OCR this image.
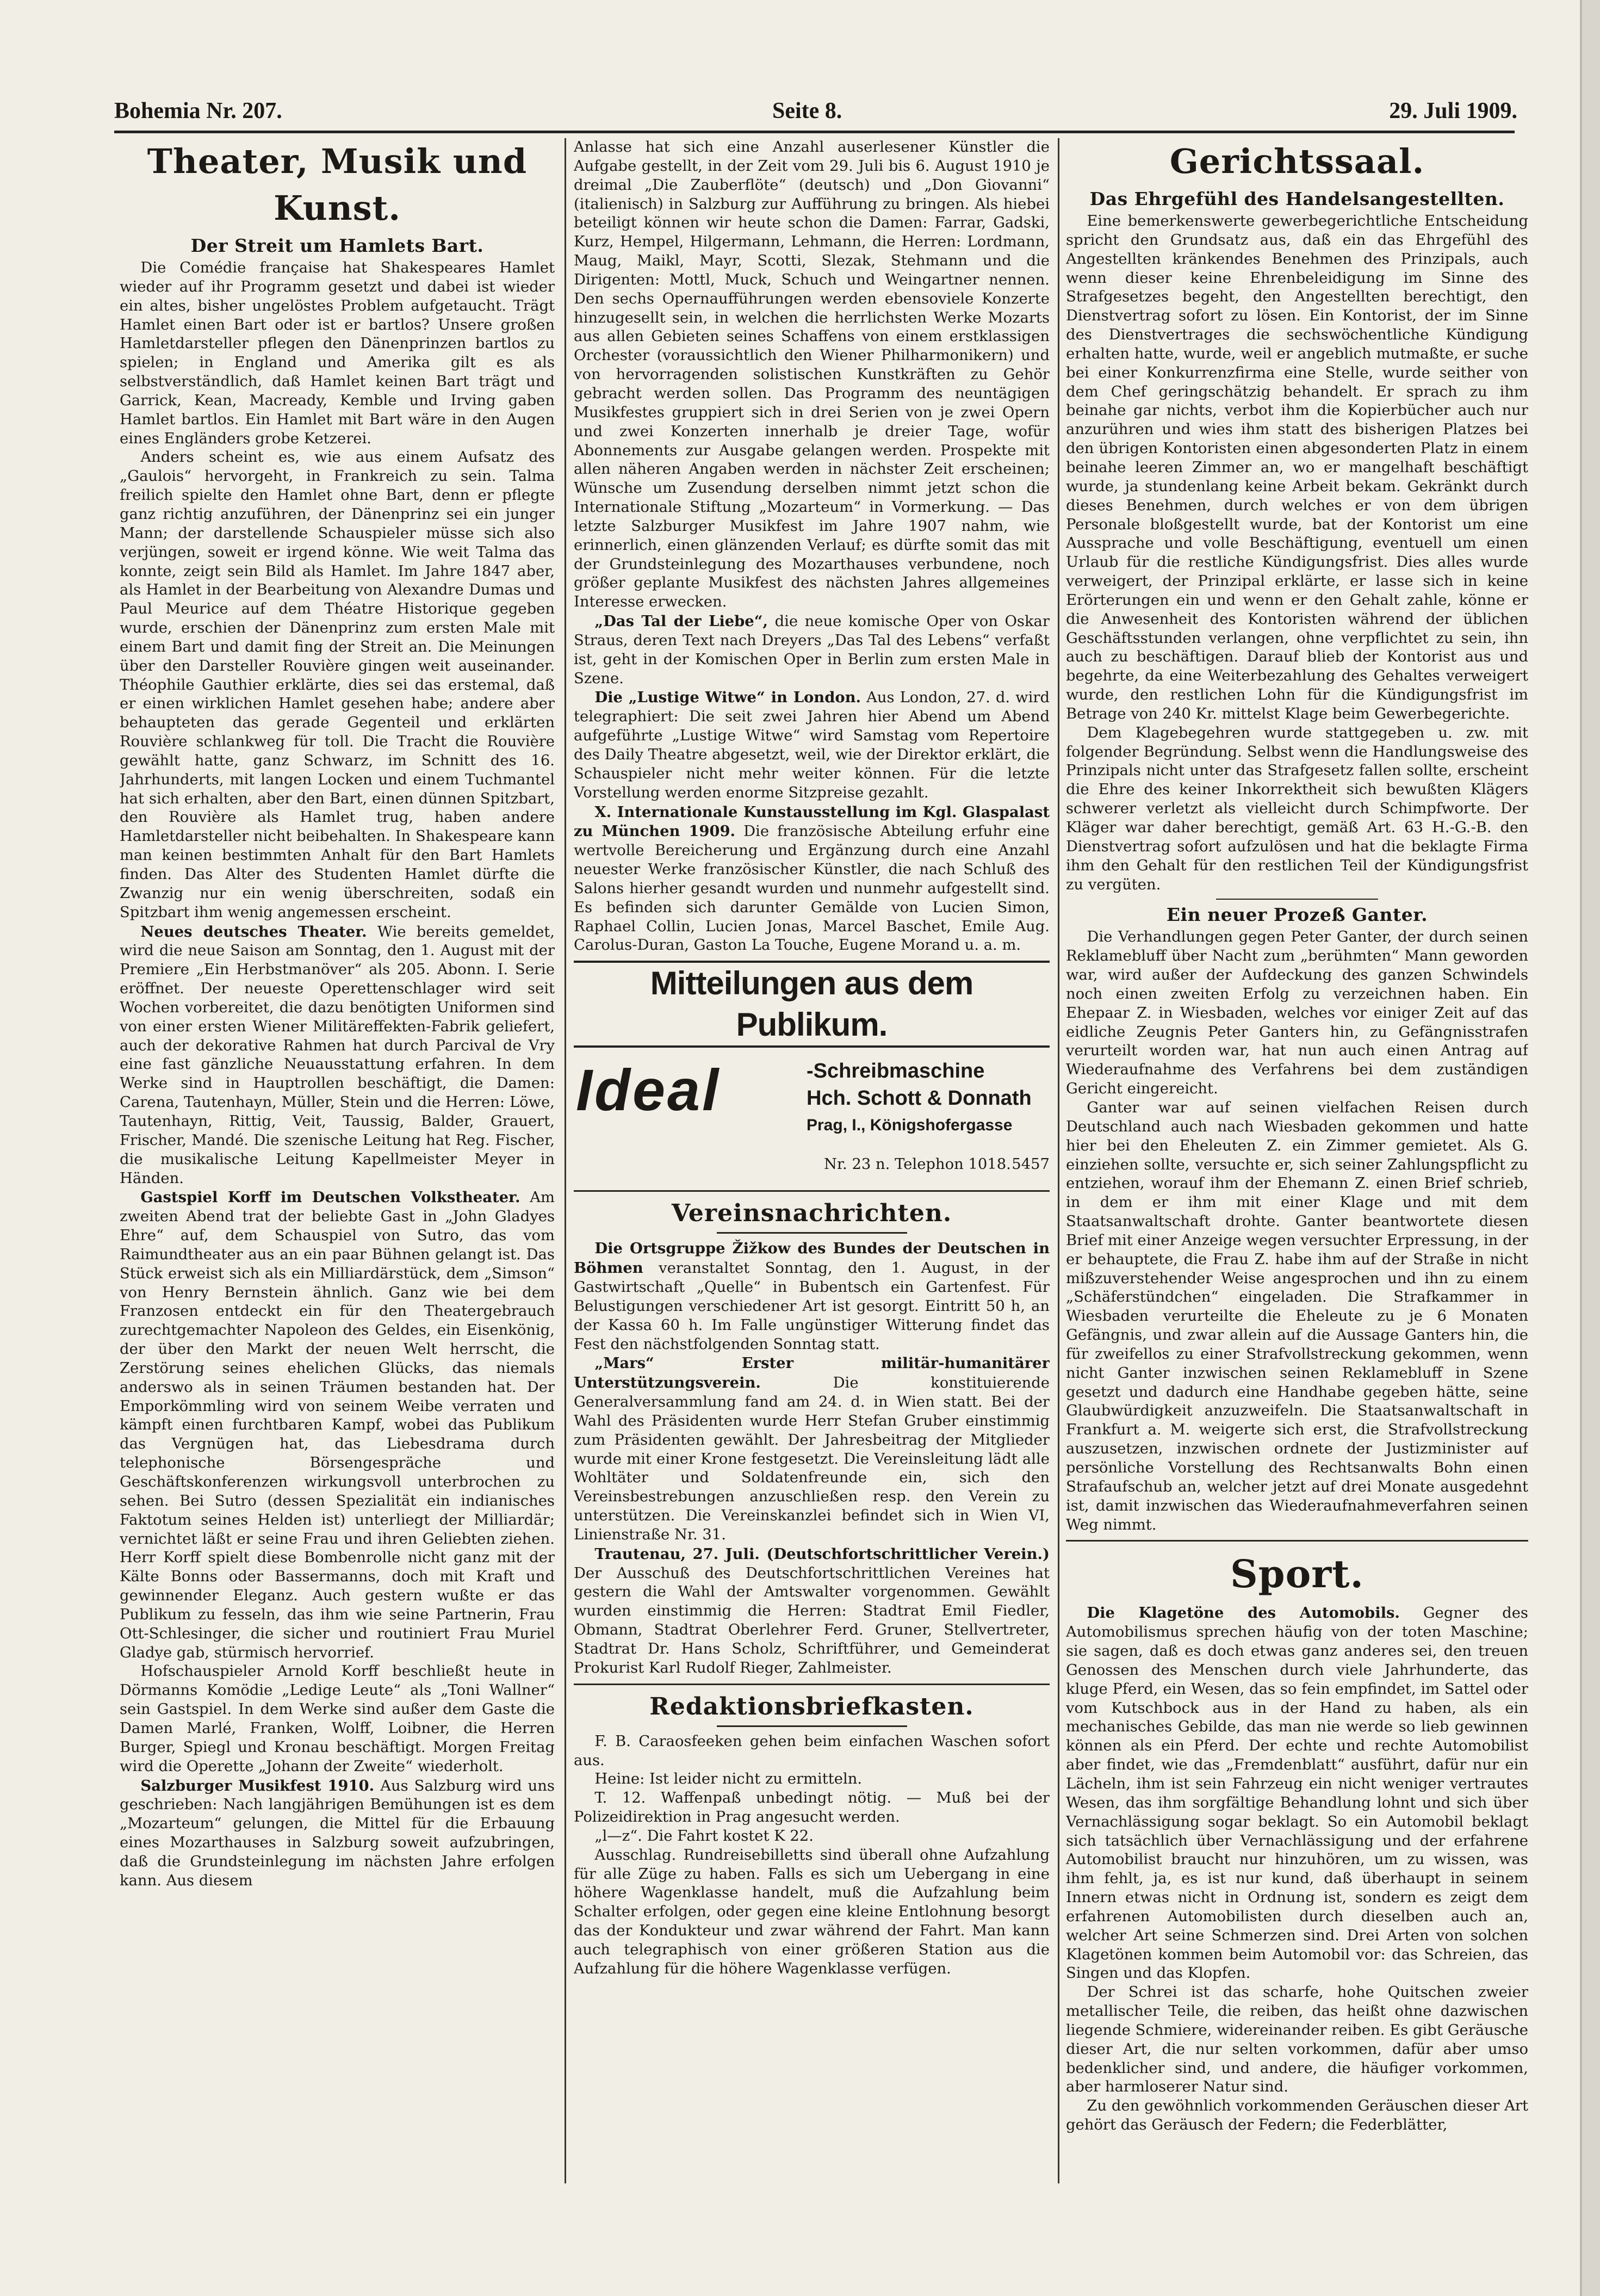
Bohemia Nr. 207.	Seite 8.	29. Juli 1909.
Theater, Musik und Kunst.
Der Streit um Hamlets Bart.

Die Comédie française hat Shakespeares Hamlet wieder auf ihr Programm gesetzt und dabei ist wieder ein altes, bisher ungelöstes Problem aufgetaucht. Trägt Hamlet einen Bart oder ist er bartlos? Unsere großen Hamletdarsteller pflegen den Dänenprinzen bartlos zu spielen; in England und Amerika gilt es als selbstverständlich, daß Hamlet keinen Bart trägt und Garrick, Kean, Macready, Kemble und Irving gaben Hamlet bartlos. Ein Hamlet mit Bart wäre in den Augen eines Engländers grobe Ketzerei.

Anders scheint es, wie aus einem Aufsatz des „Gaulois“ hervorgeht, in Frankreich zu sein. Talma freilich spielte den Hamlet ohne Bart, denn er pflegte ganz richtig anzuführen, der Dänenprinz sei ein junger Mann; der darstellende Schauspieler müsse sich also verjüngen, soweit er irgend könne. Wie weit Talma das konnte, zeigt sein Bild als Hamlet. Im Jahre 1847 aber, als Hamlet in der Bearbeitung von Alexandre Dumas und Paul Meurice auf dem Théatre Historique gegeben wurde, erschien der Dänenprinz zum ersten Male mit einem Bart und damit fing der Streit an. Die Meinungen über den Darsteller Rouvière gingen weit auseinander. Théophile Gauthier erklärte, dies sei das erstemal, daß er einen wirklichen Hamlet gesehen habe; andere aber behaupteten das gerade Gegenteil und erklärten Rouvière schlankweg für toll. Die Tracht die Rouvière gewählt hatte, ganz Schwarz, im Schnitt des 16. Jahrhunderts, mit langen Locken und einem Tuchmantel hat sich erhalten, aber den Bart, einen dünnen Spitzbart, den Rouvière als Hamlet trug, haben andere Hamletdarsteller nicht beibehalten. In Shakespeare kann man keinen bestimmten Anhalt für den Bart Hamlets finden. Das Alter des Studenten Hamlet dürfte die Zwanzig nur ein wenig überschreiten, sodaß ein Spitzbart ihm wenig angemessen erscheint.

Neues deutsches Theater. Wie bereits gemeldet, wird die neue Saison am Sonntag, den 1. August mit der Premiere „Ein Herbstmanöver“ als 205. Abonn. I. Serie eröffnet. Der neueste Operettenschlager wird seit Wochen vorbereitet, die dazu benötigten Uniformen sind von einer ersten Wiener Militäreffekten-Fabrik geliefert, auch der dekorative Rahmen hat durch Parcival de Vry eine fast gänzliche Neuausstattung erfahren. In dem Werke sind in Hauptrollen beschäftigt, die Damen: Carena, Tautenhayn, Müller, Stein und die Herren: Löwe, Tautenhayn, Rittig, Veit, Taussig, Balder, Grauert, Frischer, Mandé. Die szenische Leitung hat Reg. Fischer, die musikalische Leitung Kapellmeister Meyer in Händen.

Gastspiel Korff im Deutschen Volkstheater. Am zweiten Abend trat der beliebte Gast in „John Gladyes Ehre“ auf, dem Schauspiel von Sutro, das vom Raimundtheater aus an ein paar Bühnen gelangt ist. Das Stück erweist sich als ein Milliardärstück, dem „Simson“ von Henry Bernstein ähnlich. Ganz wie bei dem Franzosen entdeckt ein für den Theatergebrauch zurechtgemachter Napoleon des Geldes, ein Eisenkönig, der über den Markt der neuen Welt herrscht, die Zerstörung seines ehelichen Glücks, das niemals anderswo als in seinen Träumen bestanden hat. Der Emporkömmling wird von seinem Weibe verraten und kämpft einen furchtbaren Kampf, wobei das Publikum das Vergnügen hat, das Liebesdrama durch telephonische Börsengespräche und Geschäftskonferenzen wirkungsvoll unterbrochen zu sehen. Bei Sutro (dessen Spezialität ein indianisches Faktotum seines Helden ist) unterliegt der Milliardär; vernichtet läßt er seine Frau und ihren Geliebten ziehen. Herr Korff spielt diese Bombenrolle nicht ganz mit der Kälte Bonns oder Bassermanns, doch mit Kraft und gewinnender Eleganz. Auch gestern wußte er das Publikum zu fesseln, das ihm wie seine Partnerin, Frau Ott-Schlesinger, die sicher und routiniert Frau Muriel Gladye gab, stürmisch hervorrief.

Hofschauspieler Arnold Korff beschließt heute in Dörmanns Komödie „Ledige Leute“ als „Toni Wallner“ sein Gastspiel. In dem Werke sind außer dem Gaste die Damen Marlé, Franken, Wolff, Loibner, die Herren Burger, Spiegl und Kronau beschäftigt. Morgen Freitag wird die Operette „Johann der Zweite“ wiederholt.

Salzburger Musikfest 1910. Aus Salzburg wird uns geschrieben: Nach langjährigen Bemühungen ist es dem „Mozarteum“ gelungen, die Mittel für die Erbauung eines Mozarthauses in Salzburg soweit aufzubringen, daß die Grundsteinlegung im nächsten Jahre erfolgen kann. Aus diesem

Anlasse hat sich eine Anzahl auserlesener Künstler die Aufgabe gestellt, in der Zeit vom 29. Juli bis 6. August 1910 je dreimal „Die Zauberflöte“ (deutsch) und „Don Giovanni“ (italienisch) in Salzburg zur Aufführung zu bringen. Als hiebei beteiligt können wir heute schon die Damen: Farrar, Gadski, Kurz, Hempel, Hilgermann, Lehmann, die Herren: Lordmann, Maug, Maikl, Mayr, Scotti, Slezak, Stehmann und die Dirigenten: Mottl, Muck, Schuch und Weingartner nennen. Den sechs Opernaufführungen werden ebensoviele Konzerte hinzugesellt sein, in welchen die herrlichsten Werke Mozarts aus allen Gebieten seines Schaffens von einem erstklassigen Orchester (voraussichtlich den Wiener Philharmonikern) und von hervorragenden solistischen Kunstkräften zu Gehör gebracht werden sollen. Das Programm des neuntägigen Musikfestes gruppiert sich in drei Serien von je zwei Opern und zwei Konzerten innerhalb je dreier Tage, wofür Abonnements zur Ausgabe gelangen werden. Prospekte mit allen näheren Angaben werden in nächster Zeit erscheinen; Wünsche um Zusendung derselben nimmt jetzt schon die Internationale Stiftung „Mozarteum“ in Vormerkung. — Das letzte Salzburger Musikfest im Jahre 1907 nahm, wie erinnerlich, einen glänzenden Verlauf; es dürfte somit das mit der Grundsteinlegung des Mozarthauses verbundene, noch größer geplante Musikfest des nächsten Jahres allgemeines Interesse erwecken.

„Das Tal der Liebe“, die neue komische Oper von Oskar Straus, deren Text nach Dreyers „Das Tal des Lebens“ verfaßt ist, geht in der Komischen Oper in Berlin zum ersten Male in Szene.

Die „Lustige Witwe“ in London. Aus London, 27. d. wird telegraphiert: Die seit zwei Jahren hier Abend um Abend aufgeführte „Lustige Witwe“ wird Samstag vom Repertoire des Daily Theatre abgesetzt, weil, wie der Direktor erklärt, die Schauspieler nicht mehr weiter können. Für die letzte Vorstellung werden enorme Sitzpreise gezahlt.

X. Internationale Kunstausstellung im Kgl. Glaspalast zu München 1909. Die französische Abteilung erfuhr eine wertvolle Bereicherung und Ergänzung durch eine Anzahl neuester Werke französischer Künstler, die nach Schluß des Salons hierher gesandt wurden und nunmehr aufgestellt sind. Es befinden sich darunter Gemälde von Lucien Simon, Raphael Collin, Lucien Jonas, Marcel Baschet, Emile Aug. Carolus-Duran, Gaston La Touche, Eugene Morand u. a. m.

Mitteilungen aus dem Publikum.
Ideal	-Schreibmaschine
Hch. Schott & Donnath
Prag, I., Königshofergasse
Nr. 23 n. Telephon 1018. 5457
Vereinsnachrichten.

Die Ortsgruppe Žižkow des Bundes der Deutschen in Böhmen veranstaltet Sonntag, den 1. August, in der Gastwirtschaft „Quelle“ in Bubentsch ein Gartenfest. Für Belustigungen verschiedener Art ist gesorgt. Eintritt 50 h, an der Kassa 60 h. Im Falle ungünstiger Witterung findet das Fest den nächstfolgenden Sonntag statt.

„Mars“ Erster militär-humanitärer Unterstützungsverein.	Die konstituierende Generalversammlung fand am 24. d. in Wien statt. Bei der Wahl des Präsidenten wurde Herr Stefan Gruber einstimmig zum Präsidenten gewählt. Der Jahresbeitrag der Mitglieder wurde mit einer Krone festgesetzt. Die Vereinsleitung lädt alle Wohltäter und Soldatenfreunde ein, sich den Vereinsbestrebungen anzuschließen resp. den Verein zu unterstützen. Die Vereinskanzlei befindet sich in Wien VI, Linienstraße Nr. 31.

Trautenau, 27. Juli. (Deutschfortschrittlicher Verein.) Der Ausschuß des Deutschfortschrittlichen Vereines hat gestern die Wahl der Amtswalter vorgenommen. Gewählt wurden einstimmig die Herren: Stadtrat Emil Fiedler, Obmann, Stadtrat Oberlehrer Ferd. Gruner, Stellvertreter, Stadtrat Dr. Hans Scholz, Schriftführer, und Gemeinderat Prokurist Karl Rudolf Rieger, Zahlmeister.

Redaktionsbriefkasten.

F. B. Caraosfeeken gehen beim einfachen Waschen sofort aus.

Heine: Ist leider nicht zu ermitteln.

T. 12. Waffenpaß unbedingt nötig. — Muß bei der Polizeidirektion in Prag angesucht werden.

„l—z“. Die Fahrt kostet K 22.

Ausschlag. Rundreisebilletts sind überall ohne Aufzahlung für alle Züge zu haben. Falls es sich um Uebergang in eine höhere Wagenklasse handelt, muß die Aufzahlung beim Schalter erfolgen, oder gegen eine kleine Entlohnung besorgt das der Kondukteur und zwar während der Fahrt. Man kann auch telegraphisch von einer größeren Station aus die Aufzahlung für die höhere Wagenklasse verfügen.

Gerichtssaal.
Das Ehrgefühl des Handelsangestellten.

Eine bemerkenswerte gewerbegerichtliche Entscheidung spricht den Grundsatz aus, daß ein das Ehrgefühl des Angestellten kränkendes Benehmen des Prinzipals, auch wenn dieser keine Ehrenbeleidigung im Sinne des Strafgesetzes begeht, den Angestellten berechtigt, den Dienstvertrag sofort zu lösen. Ein Kontorist, der im Sinne des Dienstvertrages die sechswöchentliche Kündigung erhalten hatte, wurde, weil er angeblich mutmaßte, er suche bei einer Konkurrenzfirma eine Stelle, wurde seither von dem Chef geringschätzig behandelt. Er sprach zu ihm beinahe gar nichts, verbot ihm die Kopierbücher auch nur anzurühren und wies ihm statt des bisherigen Platzes bei den übrigen Kontoristen einen abgesonderten Platz in einem beinahe leeren Zimmer an, wo er mangelhaft beschäftigt wurde, ja stundenlang keine Arbeit bekam. Gekränkt durch dieses Benehmen, durch welches er von dem übrigen Personale bloßgestellt wurde, bat der Kontorist um eine Aussprache und volle Beschäftigung, eventuell um einen Urlaub für die restliche Kündigungsfrist. Dies alles wurde verweigert, der Prinzipal erklärte, er lasse sich in keine Erörterungen ein und wenn er den Gehalt zahle, könne er die Anwesenheit des Kontoristen während der üblichen Geschäftsstunden verlangen, ohne verpflichtet zu sein, ihn auch zu beschäftigen. Darauf blieb der Kontorist aus und begehrte, da eine Weiterbezahlung des Gehaltes verweigert wurde, den restlichen Lohn für die Kündigungsfrist im Betrage von 240 Kr. mittelst Klage beim Gewerbegerichte.

Dem Klagebegehren wurde stattgegeben u. zw. mit folgender Begründung. Selbst wenn die Handlungsweise des Prinzipals nicht unter das Strafgesetz fallen sollte, erscheint die Ehre des keiner Inkorrektheit sich bewußten Klägers schwerer verletzt als vielleicht durch Schimpfworte. Der Kläger war daher berechtigt, gemäß Art. 63 H.-G.-B. den Dienstvertrag sofort aufzulösen und hat die beklagte Firma ihm den Gehalt für den restlichen Teil der Kündigungsfrist zu vergüten.

Ein neuer Prozeß Ganter.

Die Verhandlungen gegen Peter Ganter, der durch seinen Reklamebluff über Nacht zum „berühmten“ Mann geworden war, wird außer der Aufdeckung des ganzen Schwindels noch einen zweiten Erfolg zu verzeichnen haben. Ein Ehepaar Z. in Wiesbaden, welches vor einiger Zeit auf das eidliche Zeugnis Peter Ganters hin, zu Gefängnisstrafen verurteilt worden war, hat nun auch einen Antrag auf Wiederaufnahme des Verfahrens bei dem zuständigen Gericht eingereicht.

Ganter war auf seinen vielfachen Reisen durch Deutschland auch nach Wiesbaden gekommen und hatte hier bei den Eheleuten Z. ein Zimmer gemietet. Als G. einziehen sollte, versuchte er, sich seiner Zahlungspflicht zu entziehen, worauf ihm der Ehemann Z. einen Brief schrieb, in dem er ihm mit einer Klage und mit dem Staatsanwaltschaft drohte. Ganter beantwortete diesen Brief mit einer Anzeige wegen versuchter Erpressung, in der er behauptete, die Frau Z. habe ihm auf der Straße in nicht mißzuverstehender Weise angesprochen und ihn zu einem „Schäferstündchen“ eingeladen. Die Strafkammer in Wiesbaden verurteilte die Eheleute zu je 6 Monaten Gefängnis, und zwar allein auf die Aussage Ganters hin, die für zweifellos zu einer Strafvollstreckung gekommen, wenn nicht Ganter inzwischen seinen Reklamebluff in Szene gesetzt und dadurch eine Handhabe gegeben hätte, seine Glaubwürdigkeit anzuzweifeln. Die Staatsanwaltschaft in Frankfurt a. M. weigerte sich erst, die Strafvollstreckung auszusetzen, inzwischen ordnete der Justizminister auf persönliche Vorstellung des Rechtsanwalts Bohn einen Strafaufschub an, welcher jetzt auf drei Monate ausgedehnt ist, damit inzwischen das Wiederaufnahmeverfahren seinen Weg nimmt.

Sport.

Die Klagetöne des Automobils. Gegner des Automobilismus sprechen häufig von der toten Maschine; sie sagen, daß es doch etwas ganz anderes sei, den treuen Genossen des Menschen durch viele Jahrhunderte, das kluge Pferd, ein Wesen, das so fein empfindet, im Sattel oder vom Kutschbock aus in der Hand zu haben, als ein mechanisches Gebilde, das man nie werde so lieb gewinnen können als ein Pferd. Der echte und rechte Automobilist aber findet, wie das „Fremdenblatt“ ausführt, dafür nur ein Lächeln, ihm ist sein Fahrzeug ein nicht weniger vertrautes Wesen, das ihm sorgfältige Behandlung lohnt und sich über Vernachlässigung sogar beklagt. So ein Automobil beklagt sich tatsächlich über Vernachlässigung und der erfahrene Automobilist braucht nur hinzuhören, um zu wissen, was ihm fehlt, ja, es ist nur kund, daß überhaupt in seinem Innern etwas nicht in Ordnung ist, sondern es zeigt dem erfahrenen Automobilisten durch dieselben auch an, welcher Art seine Schmerzen sind. Drei Arten von solchen Klagetönen kommen beim Automobil vor: das Schreien, das Singen und das Klopfen.

Der Schrei ist das scharfe, hohe Quitschen zweier metallischer Teile, die reiben, das heißt ohne dazwischen liegende Schmiere, widereinander reiben. Es gibt Geräusche dieser Art, die nur selten vorkommen, dafür aber umso bedenklicher sind, und andere, die häufiger vorkommen, aber harmloserer Natur sind.

Zu den gewöhnlich vorkommenden Geräuschen dieser Art gehört das Geräusch der Federn; die Federblätter,
